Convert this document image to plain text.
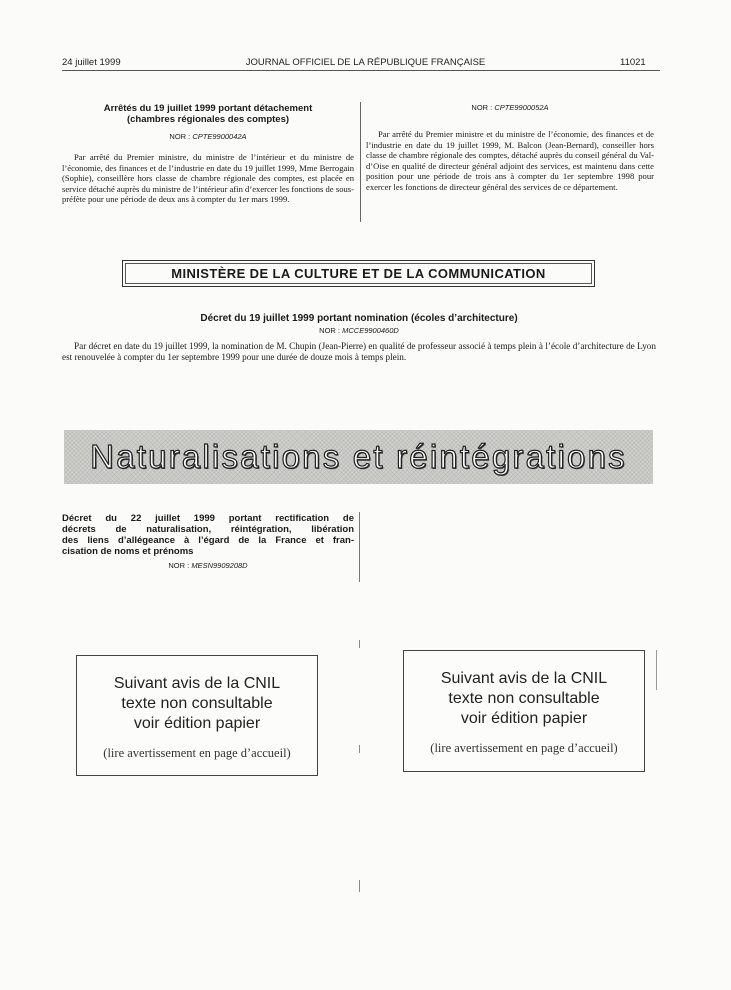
24 juillet 1999	JOURNAL OFFICIEL DE LA RÉPUBLIQUE FRANÇAISE	11021
Arrêtés du 19 juillet 1999 portant détachement
(chambres régionales des comptes)
NOR : CPTE9900042A
Par arrêté du Premier ministre, du ministre de l’intérieur et du ministre de l’économie, des finances et de l’industrie en date du 19 juillet 1999, Mme Berrogain (Sophie), conseillère hors classe de chambre régionale des comptes, est placée en service détaché auprès du ministre de l’intérieur afin d’exercer les fonctions de sous-préfète pour une période de deux ans à compter du 1er mars 1999.
NOR : CPTE9900052A
Par arrêté du Premier ministre et du ministre de l’économie, des finances et de l’industrie en date du 19 juillet 1999, M. Balcon (Jean-Bernard), conseiller hors classe de chambre régionale des comptes, détaché auprès du conseil général du Val-d’Oise en qualité de directeur général adjoint des services, est maintenu dans cette position pour une période de trois ans à compter du 1er septembre 1998 pour exercer les fonctions de directeur général des services de ce département.
MINISTÈRE DE LA CULTURE ET DE LA COMMUNICATION
Décret du 19 juillet 1999 portant nomination (écoles d’architecture)
NOR : MCCE9900460D
Par décret en date du 19 juillet 1999, la nomination de M. Chupin (Jean-Pierre) en qualité de professeur associé à temps plein à l’école d’architecture de Lyon est renouvelée à compter du 1er septembre 1999 pour une durée de douze mois à temps plein.
Naturalisations et réintégrations
Décret du 22 juillet 1999 portant rectification de
décrets de naturalisation, réintégration, libération
des liens d’allégeance à l’égard de la France et fran-
cisation de noms et prénoms
NOR : MESN9909208D
Suivant avis de la CNIL
texte non consultable
voir édition papier
(lire avertissement en page d’accueil)
Suivant avis de la CNIL
texte non consultable
voir édition papier
(lire avertissement en page d’accueil)
